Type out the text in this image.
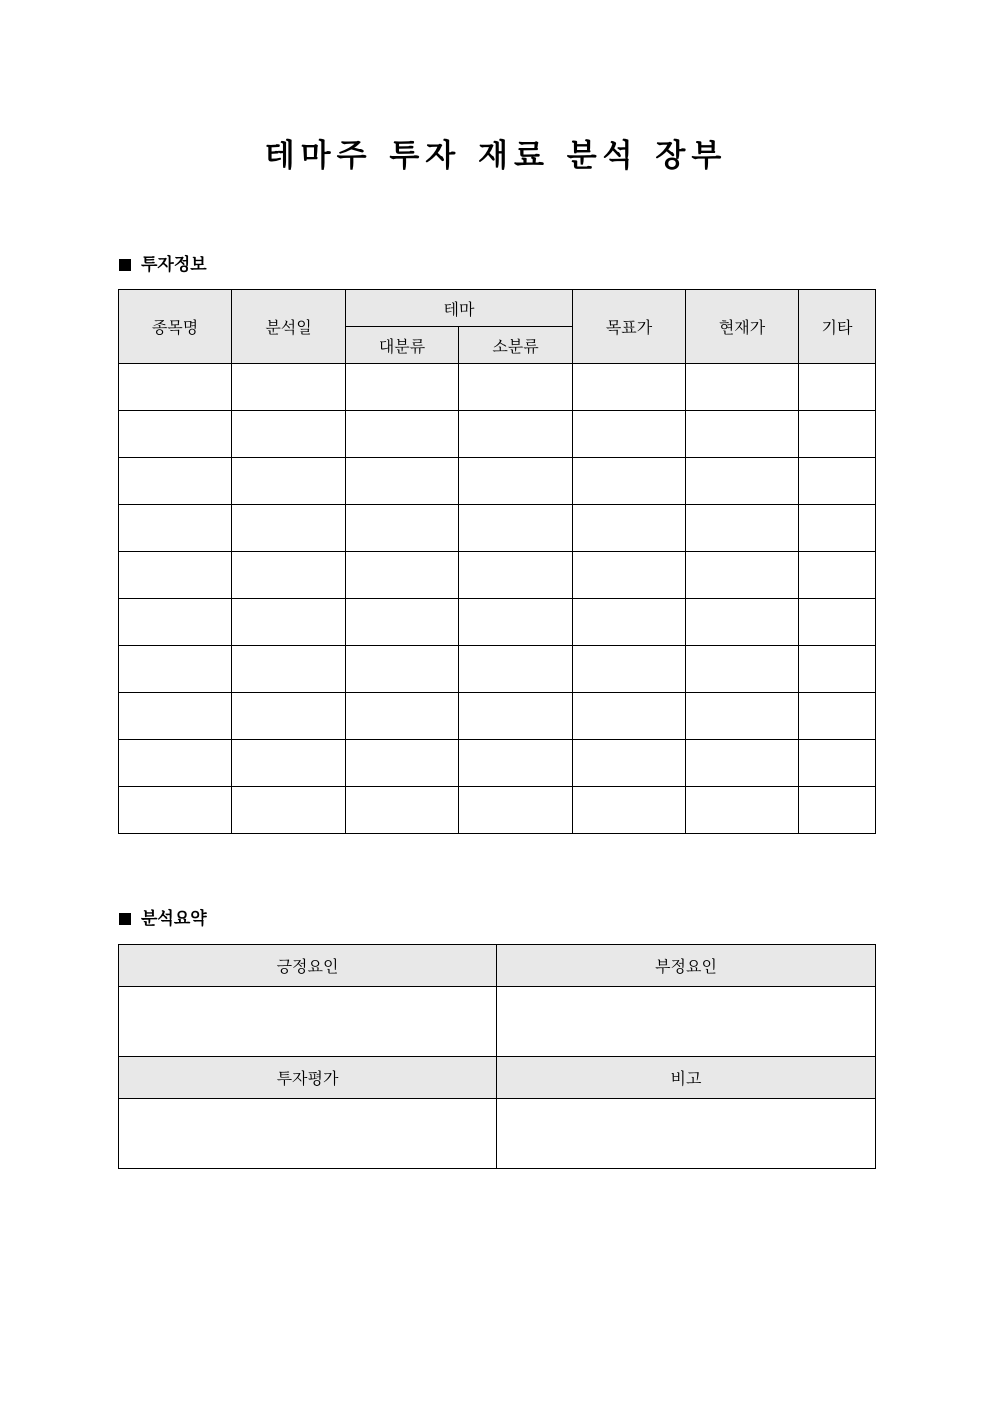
테마주 투자 재료 분석 장부
투자정보
종목명	분석일	테마		목표가	현재가	기타
		대분류	소분류			

분석요약
긍정요인	부정요인

투자평가	비고
